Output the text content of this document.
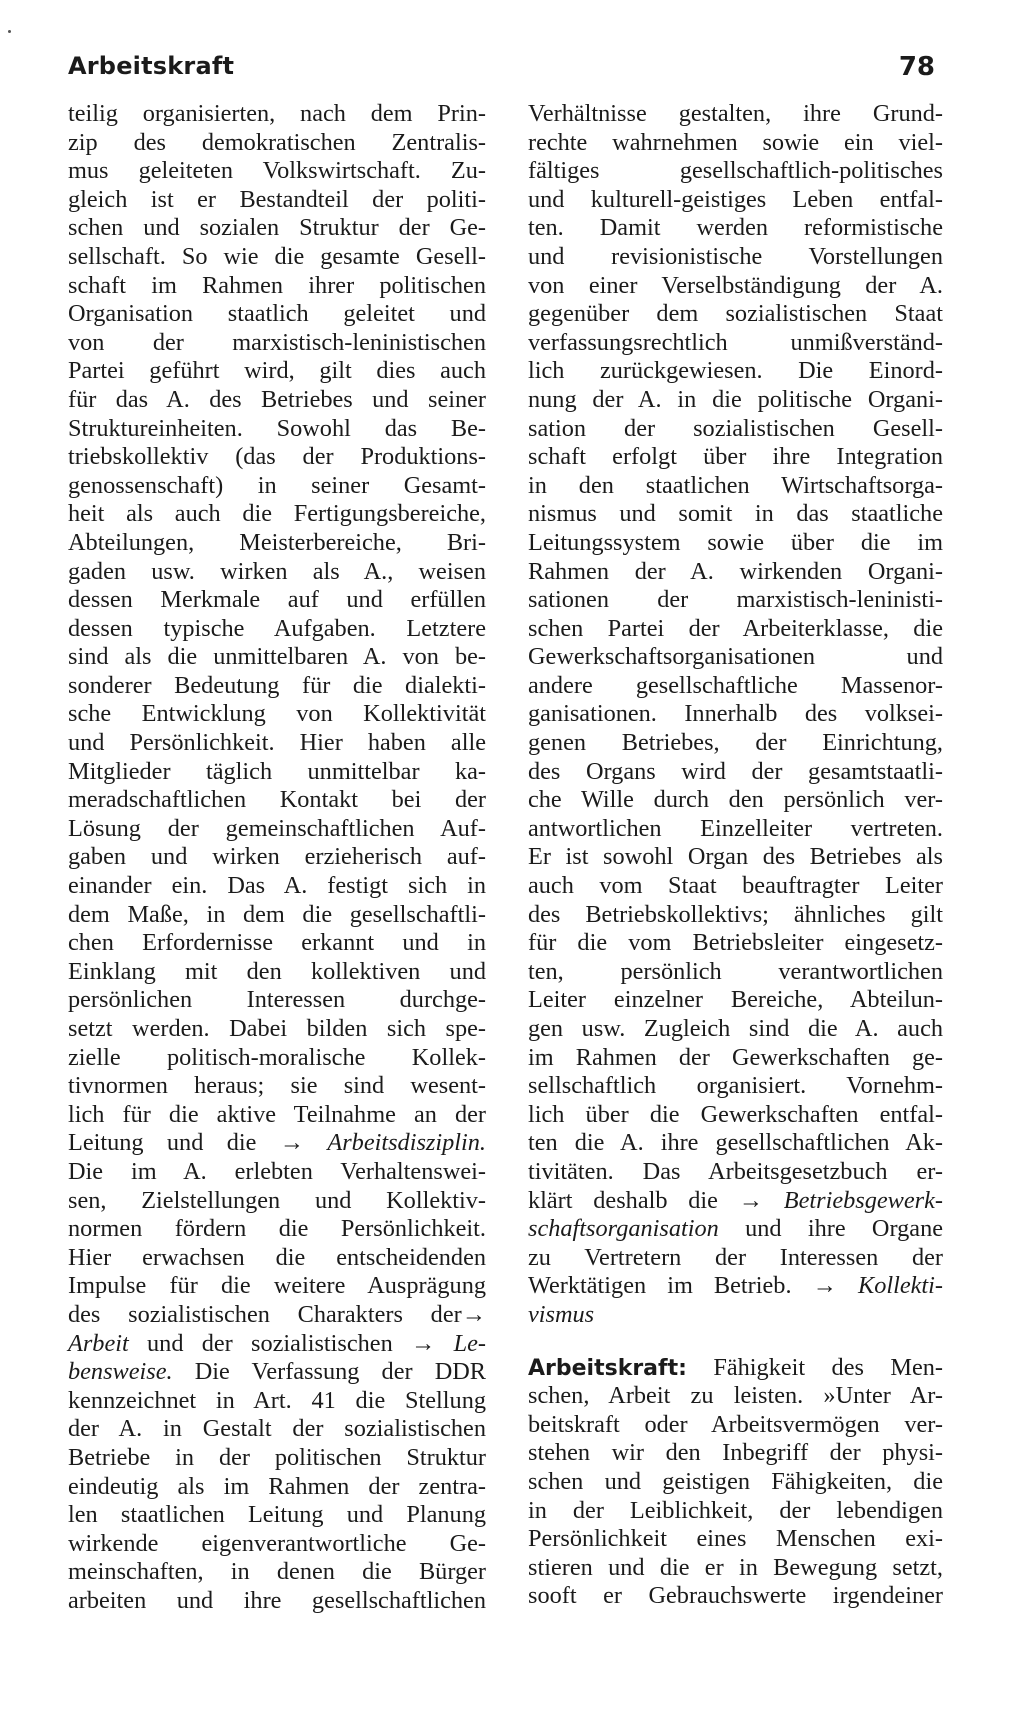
Arbeitskraft	78
teilig organisierten, nach dem Prin-
zip des demokratischen Zentralis-
mus geleiteten Volkswirtschaft. Zu-
gleich ist er Bestandteil der politi-
schen und sozialen Struktur der Ge-
sellschaft. So wie die gesamte Gesell-
schaft im Rahmen ihrer politischen
Organisation staatlich geleitet und
von der marxistisch-leninistischen
Partei geführt wird, gilt dies auch
für das A. des Betriebes und seiner
Struktureinheiten. Sowohl das Be-
triebskollektiv (das der Produktions-
genossenschaft) in seiner Gesamt-
heit als auch die Fertigungsbereiche,
Abteilungen, Meisterbereiche, Bri-
gaden usw. wirken als A., weisen
dessen Merkmale auf und erfüllen
dessen typische Aufgaben. Letztere
sind als die unmittelbaren A. von be-
sonderer Bedeutung für die dialekti-
sche Entwicklung von Kollektivität
und Persönlichkeit. Hier haben alle
Mitglieder täglich unmittelbar ka-
meradschaftlichen Kontakt bei der
Lösung der gemeinschaftlichen Auf-
gaben und wirken erzieherisch auf-
einander ein. Das A. festigt sich in
dem Maße, in dem die gesellschaftli-
chen Erfordernisse erkannt und in
Einklang mit den kollektiven und
persönlichen Interessen durchge-
setzt werden. Dabei bilden sich spe-
zielle politisch-moralische Kollek-
tivnormen heraus; sie sind wesent-
lich für die aktive Teilnahme an der
Leitung und die → Arbeitsdisziplin.
Die im A. erlebten Verhaltenswei-
sen, Zielstellungen und Kollektiv-
normen fördern die Persönlichkeit.
Hier erwachsen die entscheidenden
Impulse für die weitere Ausprägung
des sozialistischen Charakters der→
Arbeit und der sozialistischen → Le-
bensweise. Die Verfassung der DDR
kennzeichnet in Art. 41 die Stellung
der A. in Gestalt der sozialistischen
Betriebe in der politischen Struktur
eindeutig als im Rahmen der zentra-
len staatlichen Leitung und Planung
wirkende eigenverantwortliche Ge-
meinschaften, in denen die Bürger
arbeiten und ihre gesellschaftlichen
Verhältnisse gestalten, ihre Grund-
rechte wahrnehmen sowie ein viel-
fältiges gesellschaftlich-politisches
und kulturell-geistiges Leben entfal-
ten. Damit werden reformistische
und revisionistische Vorstellungen
von einer Verselbständigung der A.
gegenüber dem sozialistischen Staat
verfassungsrechtlich unmißverständ-
lich zurückgewiesen. Die Einord-
nung der A. in die politische Organi-
sation der sozialistischen Gesell-
schaft erfolgt über ihre Integration
in den staatlichen Wirtschaftsorga-
nismus und somit in das staatliche
Leitungssystem sowie über die im
Rahmen der A. wirkenden Organi-
sationen der marxistisch-leninisti-
schen Partei der Arbeiterklasse, die
Gewerkschaftsorganisationen und
andere gesellschaftliche Massenor-
ganisationen. Innerhalb des volksei-
genen Betriebes, der Einrichtung,
des Organs wird der gesamtstaatli-
che Wille durch den persönlich ver-
antwortlichen Einzelleiter vertreten.
Er ist sowohl Organ des Betriebes als
auch vom Staat beauftragter Leiter
des Betriebskollektivs; ähnliches gilt
für die vom Betriebsleiter eingesetz-
ten, persönlich verantwortlichen
Leiter einzelner Bereiche, Abteilun-
gen usw. Zugleich sind die A. auch
im Rahmen der Gewerkschaften ge-
sellschaftlich organisiert. Vornehm-
lich über die Gewerkschaften entfal-
ten die A. ihre gesellschaftlichen Ak-
tivitäten. Das Arbeitsgesetzbuch er-
klärt deshalb die → Betriebsgewerk-
schaftsorganisation und ihre Organe
zu Vertretern der Interessen der
Werktätigen im Betrieb. → Kollekti-
vismus
Arbeitskraft: Fähigkeit des Men-
schen, Arbeit zu leisten. »Unter Ar-
beitskraft oder Arbeitsvermögen ver-
stehen wir den Inbegriff der physi-
schen und geistigen Fähigkeiten, die
in der Leiblichkeit, der lebendigen
Persönlichkeit eines Menschen exi-
stieren und die er in Bewegung setzt,
sooft er Gebrauchswerte irgendeiner
